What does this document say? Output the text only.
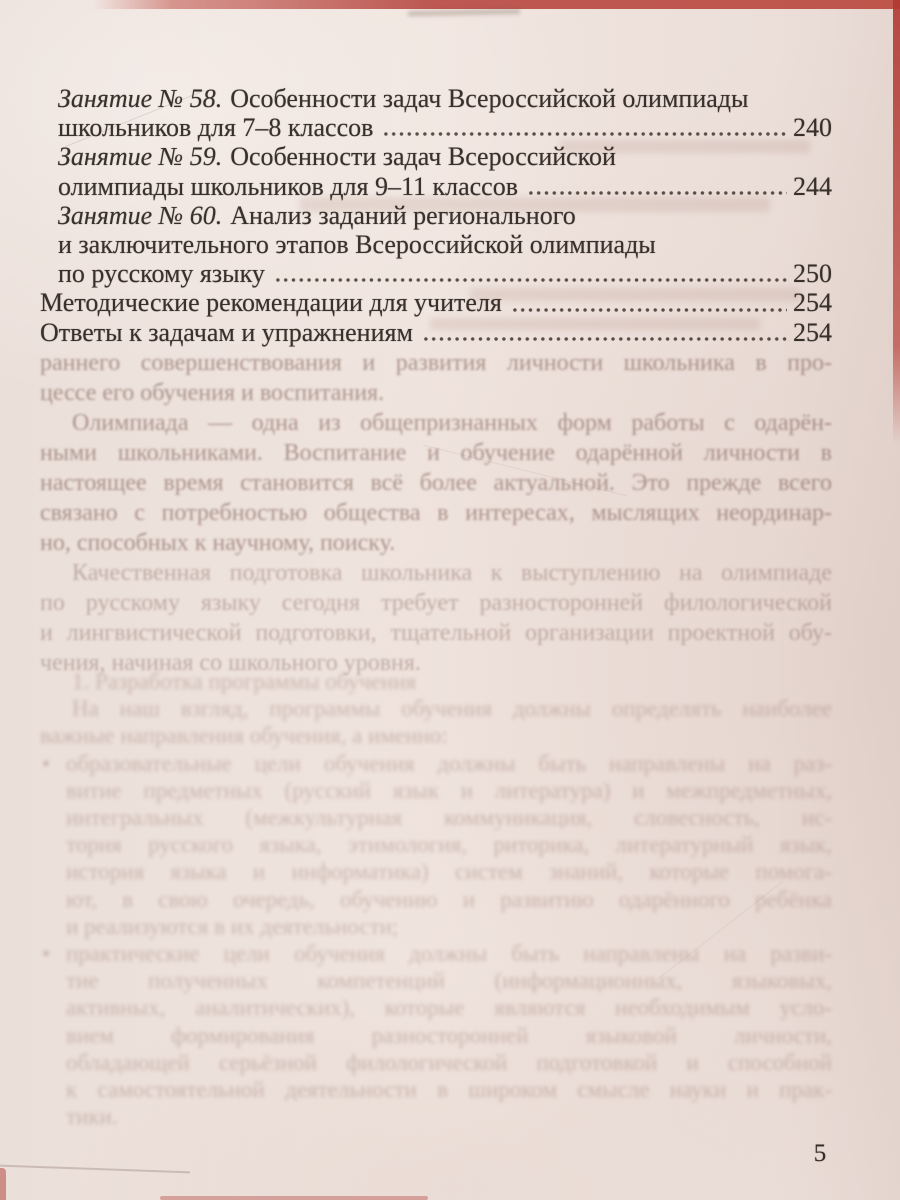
Занятие № 58. Особенности задач Всероссийской олимпиады
школьников для 7–8 классов	240
Занятие № 59. Особенности задач Всероссийской
олимпиады школьников для 9–11 классов	244
Занятие № 60. Анализ заданий регионального
и заключительного этапов Всероссийской олимпиады
по русскому языку	250
Методические рекомендации для учителя	254
Ответы к задачам и упражнениям	254
раннего совершенствования и развития личности школьника в про-
цессе его обучения и воспитания.
Олимпиада — одна из общепризнанных форм работы с одарён-
ными школьниками. Воспитание и обучение одарённой личности в
настоящее время становится всё более актуальной. Это прежде всего
связано с потребностью общества в интересах, мыслящих неординар-
но, способных к научному, поиску.
Качественная подготовка школьника к выступлению на олимпиаде
по русскому языку сегодня требует разносторонней филологической
и лингвистической подготовки, тщательной организации проектной обу-
чения, начиная со школьного уровня.
1. Разработка программы обучения
На наш взгляд, программы обучения должны определять наиболее
важные направления обучения, а именно:
• образовательные цели обучения должны быть направлены на раз-
витие предметных (русский язык и литература) и межпредметных,
интегральных (межкультурная коммуникация, словесность, ис-
тория русского языка, этимология, риторика, литературный язык,
история языка и информатика) систем знаний, которые помога-
ют, в свою очередь, обучению и развитию одарённого ребёнка
и реализуются в их деятельности;
• практические цели обучения должны быть направлены на разви-
тие полученных компетенций (информационных, языковых,
активных, аналитических), которые являются необходимым усло-
вием формирования разносторонней языковой личности,
обладающей серьёзной филологической подготовкой и способной
к самостоятельной деятельности в широком смысле науки и прак-
тики.
5
